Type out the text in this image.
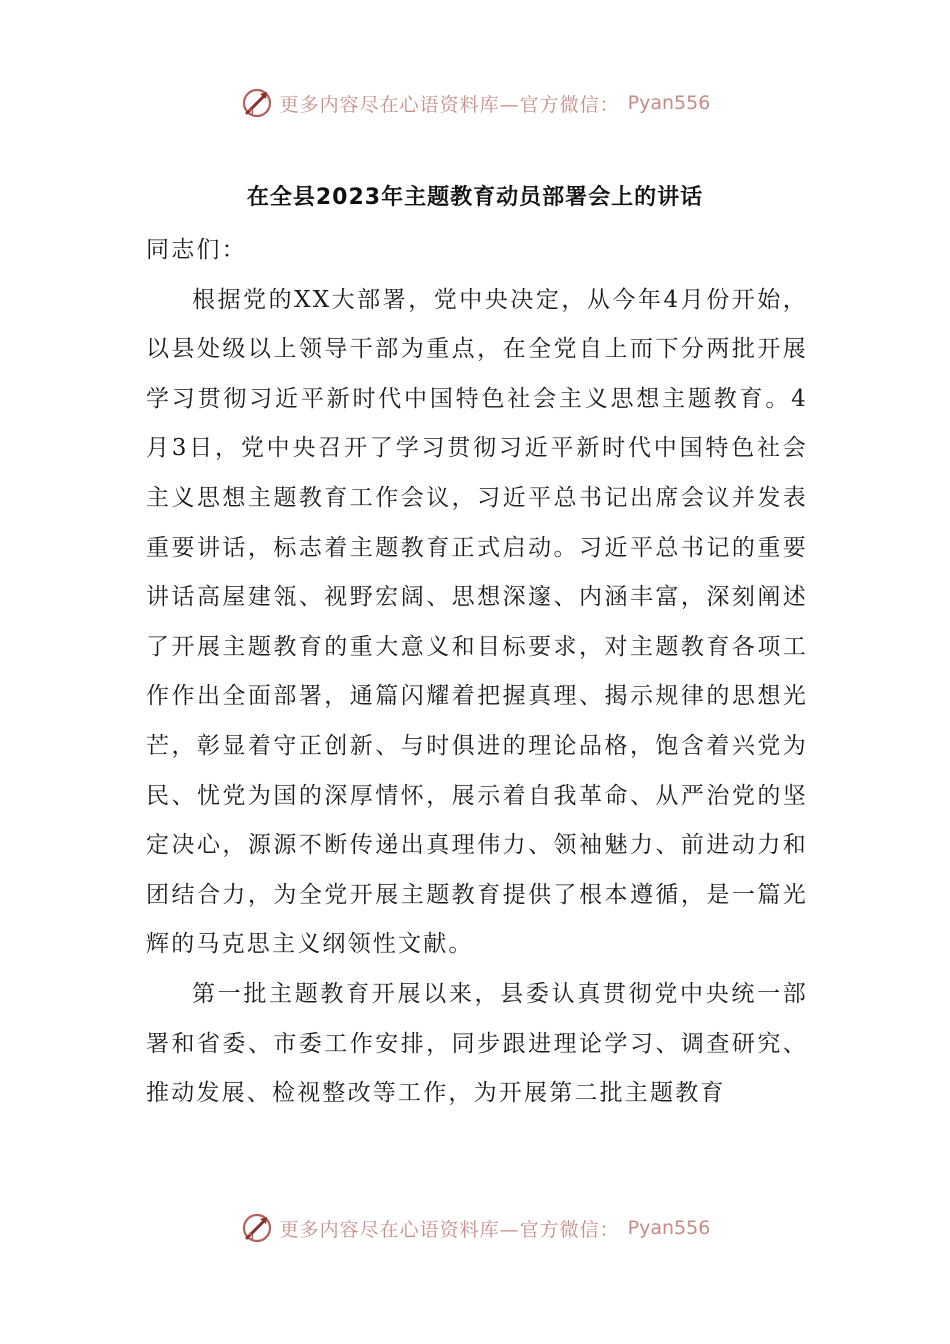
更多内容尽在心语资料库—官方微信： Pyan556
在全县2023年主题教育动员部署会上的讲话

同志们：

根据党的XX大部署，党中央决定，从今年4月份开始，以县处级以上领导干部为重点，在全党自上而下分两批开展学习贯彻习近平新时代中国特色社会主义思想主题教育。4月3日，党中央召开了学习贯彻习近平新时代中国特色社会主义思想主题教育工作会议，习近平总书记出席会议并发表重要讲话，标志着主题教育正式启动。习近平总书记的重要讲话高屋建瓴、视野宏阔、思想深邃、内涵丰富，深刻阐述了开展主题教育的重大意义和目标要求，对主题教育各项工作作出全面部署，通篇闪耀着把握真理、揭示规律的思想光芒，彰显着守正创新、与时俱进的理论品格，饱含着兴党为民、忧党为国的深厚情怀，展示着自我革命、从严治党的坚定决心，源源不断传递出真理伟力、领袖魅力、前进动力和团结合力，为全党开展主题教育提供了根本遵循，是一篇光辉的马克思主义纲领性文献。

第一批主题教育开展以来，县委认真贯彻党中央统一部署和省委、市委工作安排，同步跟进理论学习、调查研究、推动发展、检视整改等工作，为开展第二批主题教育

更多内容尽在心语资料库—官方微信： Pyan556
